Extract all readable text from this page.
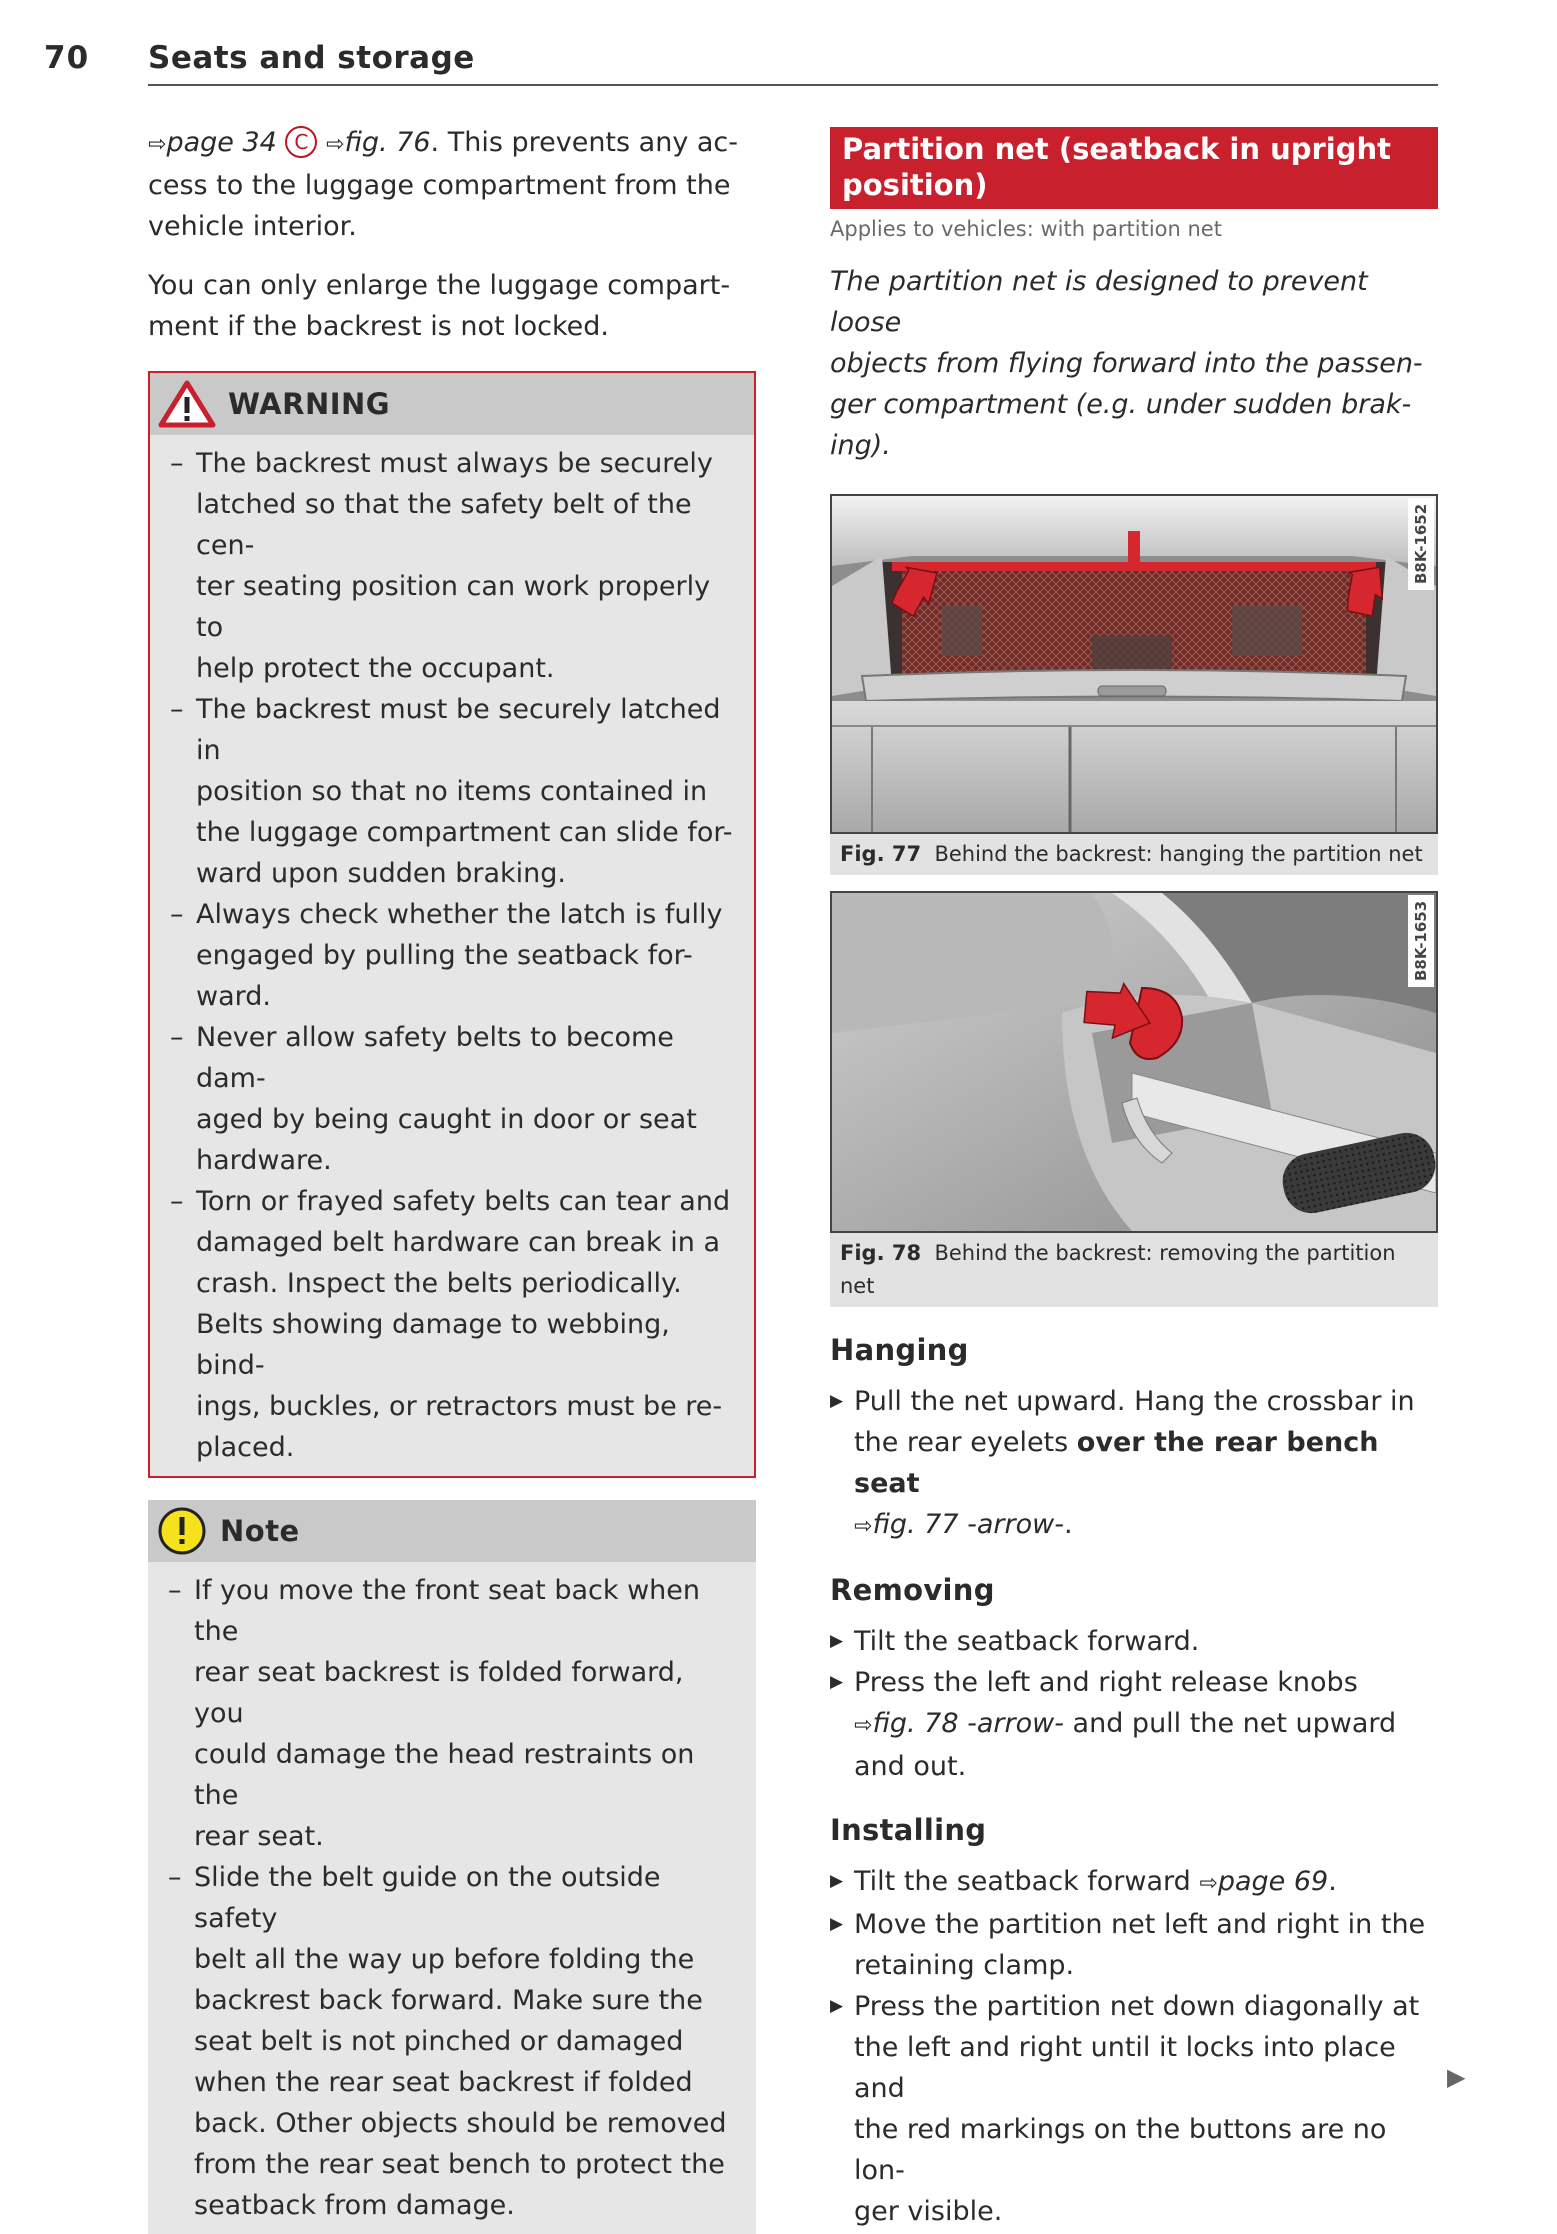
70 Seats and storage

⇨page 34 C ⇨fig. 76. This prevents any ac-
cess to the luggage compartment from the
vehicle interior.

You can only enlarge the luggage compart-
ment if the backrest is not locked.

WARNING
– The backrest must always be securely
latched so that the safety belt of the cen-
ter seating position can work properly to
help protect the occupant.
– The backrest must be securely latched in
position so that no items contained in
the luggage compartment can slide for-
ward upon sudden braking.
– Always check whether the latch is fully
engaged by pulling the seatback for-
ward.
– Never allow safety belts to become dam-
aged by being caught in door or seat
hardware.
– Torn or frayed safety belts can tear and
damaged belt hardware can break in a
crash. Inspect the belts periodically.
Belts showing damage to webbing, bind-
ings, buckles, or retractors must be re-
placed.
Note
– If you move the front seat back when the
rear seat backrest is folded forward, you
could damage the head restraints on the
rear seat.
– Slide the belt guide on the outside safety
belt all the way up before folding the
backrest back forward. Make sure the
seat belt is not pinched or damaged
when the rear seat backrest if folded
back. Other objects should be removed
from the rear seat bench to protect the
seatback from damage.
Partition net (seatback in upright
position)
Applies to vehicles: with partition net

The partition net is designed to prevent loose
objects from flying forward into the passen-
ger compartment (e.g. under sudden brak-
ing).

B8K-1652
Fig. 77 Behind the backrest: hanging the partition net
B8K-1653
Fig. 78 Behind the backrest: removing the partition
net
Hanging
▶ Pull the net upward. Hang the crossbar in
the rear eyelets over the rear bench seat
⇨fig. 77 -arrow-.
Removing
▶ Tilt the seatback forward.
▶ Press the left and right release knobs
⇨fig. 78 -arrow- and pull the net upward
and out.
Installing
▶ Tilt the seatback forward ⇨page 69.
▶ Move the partition net left and right in the
retaining clamp.
▶ Press the partition net down diagonally at
the left and right until it locks into place and
the red markings on the buttons are no lon-
ger visible.
▶
